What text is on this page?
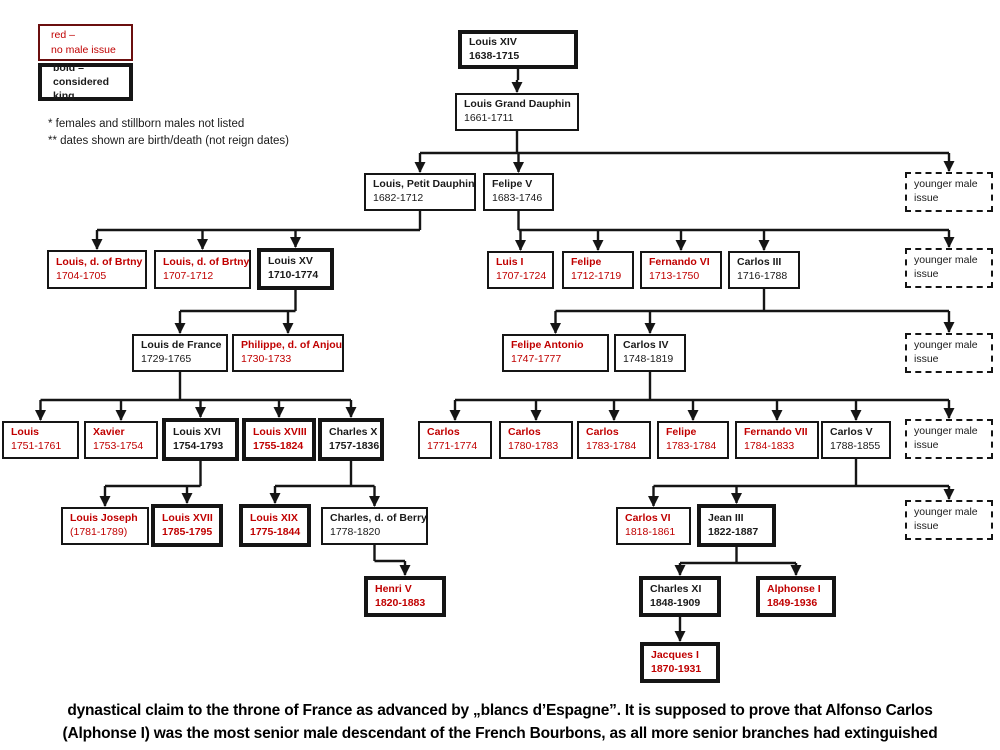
red –
no male issue
bold –
considered king
* females and stillborn males not listed
** dates shown are birth/death (not reign dates)
Louis XIV
1638-1715
Louis Grand Dauphin
1661-1711
Louis, Petit Dauphin
1682-1712
Felipe V
1683-1746
younger male
issue
Louis, d. of Brtny
1704-1705
Louis, d. of Brtny
1707-1712
Louis XV
1710-1774
Luis I
1707-1724
Felipe
1712-1719
Fernando VI
1713-1750
Carlos III
1716-1788
younger male
issue
Louis de France
1729-1765
Philippe, d. of Anjou
1730-1733
Felipe Antonio
1747-1777
Carlos IV
1748-1819
younger male
issue
Louis
1751-1761
Xavier
1753-1754
Louis XVI
1754-1793
Louis XVIII
1755-1824
Charles X
1757-1836
Carlos
1771-1774
Carlos
1780-1783
Carlos
1783-1784
Felipe
1783-1784
Fernando VII
1784-1833
Carlos V
1788-1855
younger male
issue
Louis Joseph
(1781-1789)
Louis XVII
1785-1795
Louis XIX
1775-1844
Charles, d. of Berry
1778-1820
Carlos VI
1818-1861
Jean III
1822-1887
younger male
issue
Henri V
1820-1883
Charles XI
1848-1909
Alphonse I
1849-1936
Jacques I
1870-1931
dynastical claim to the throne of France as advanced by „blancs d’Espagne”. It is supposed to prove that Alfonso Carlos
(Alphonse I) was the most senior male descendant of the French Bourbons, as all more senior branches had extinguished
